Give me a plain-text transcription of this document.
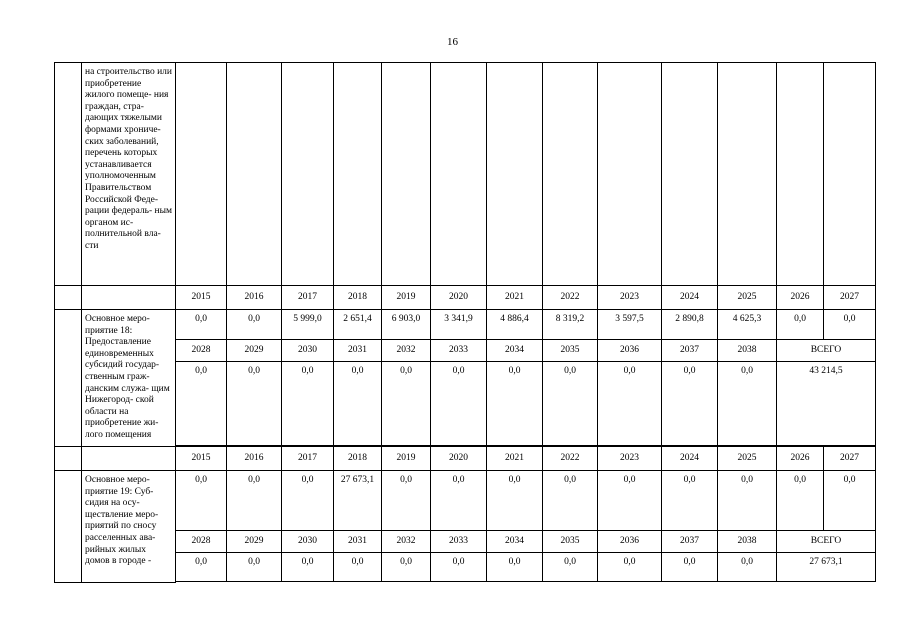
16
	на строительство или приобретение жилого помеще- ния граждан, стра- дающих тяжелыми формами хрониче- ских заболеваний, перечень которых устанавливается уполномоченным Правительством Российской Феде- рации федераль- ным органом ис- полнительной вла- сти													
		2015	2016	2017	2018	2019	2020	2021	2022	2023	2024	2025	2026	2027
	Основное меро- приятие 18: Предоставление единовременных субсидий государ- ственным граж- данским служа- щим Нижегород- ской области на приобретение жи- лого помещения	0,0	0,0	5 999,0	2 651,4	6 903,0	3 341,9	4 886,4	8 319,2	3 597,5	2 890,8	4 625,3	0,0	0,0
		2028	2029	2030	2031	2032	2033	2034	2035	2036	2037	2038	ВСЕГО	
		0,0	0,0	0,0	0,0	0,0	0,0	0,0	0,0	0,0	0,0	0,0	43 214,5	

		2015	2016	2017	2018	2019	2020	2021	2022	2023	2024	2025	2026	2027
	Основное меро- приятие 19: Суб- сидия на осу- ществление меро- приятий по сносу расселенных ава- рийных жилых домов в городе -	0,0	0,0	0,0	27 673,1	0,0	0,0	0,0	0,0	0,0	0,0	0,0	0,0	0,0
		2028	2029	2030	2031	2032	2033	2034	2035	2036	2037	2038	ВСЕГО	
		0,0	0,0	0,0	0,0	0,0	0,0	0,0	0,0	0,0	0,0	0,0	27 673,1	
